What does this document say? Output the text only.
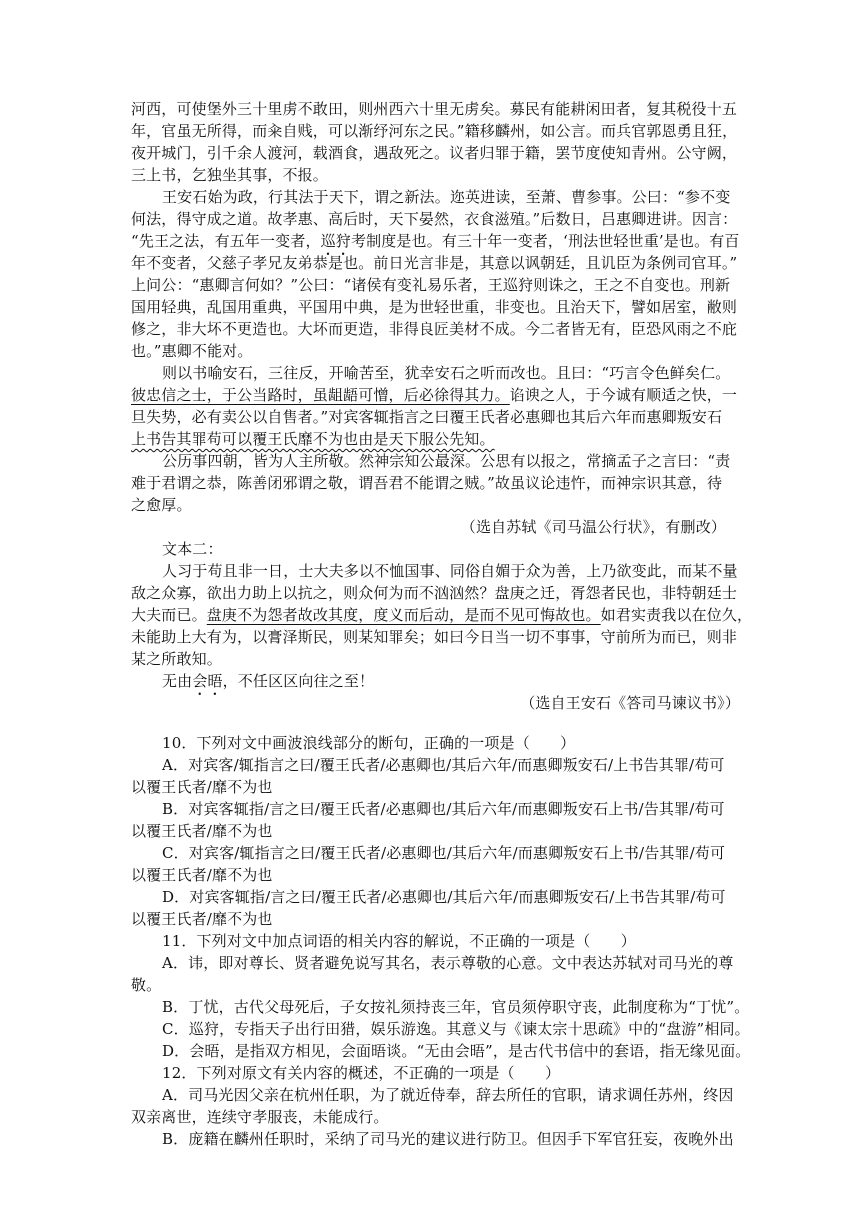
河西，可使堡外三十里虏不敢田，则州西六十里无虏矣。募民有能耕闲田者，复其税役十五
年，官虽无所得，而籴自贱，可以渐纾河东之民。”籍移麟州，如公言。而兵官郭恩勇且狂，
夜开城门，引千余人渡河，载酒食，遇敌死之。议者归罪于籍，罢节度使知青州。公守阙，
三上书，乞独坐其事，不报。
王安石始为政，行其法于天下，谓之新法。迩英进读，至萧、曹参事。公曰：“参不变
何法，得守成之道。故孝惠、高后时，天下晏然，衣食滋殖。”后数日，吕惠卿进讲。因言：
“先王之法，有五年一变者，巡狩考制度是也。有三十年一变者，‘刑法世轻世重’是也。有百
年不变者，父慈子孝兄友弟恭是也。前日光言非是，其意以讽朝廷，且讥臣为条例司官耳。”
上问公：“惠卿言何如？”公曰：“诸侯有变礼易乐者，王巡狩则诛之，王之不自变也。刑新
国用轻典，乱国用重典，平国用中典，是为世轻世重，非变也。且治天下，譬如居室，敝则
修之，非大坏不更造也。大坏而更造，非得良匠美材不成。今二者皆无有，臣恐风雨之不庇
也。”惠卿不能对。
则以书喻安石，三往反，开喻苦至，犹幸安石之听而改也。且曰：“巧言令色鲜矣仁。
彼忠信之士，于公当路时，虽龃龉可憎，后必徐得其力。谄谀之人，于今诚有顺适之快，一
旦失势，必有卖公以自售者。”对宾客辄指言之曰覆王氏者必惠卿也其后六年而惠卿叛安石
上书告其罪苟可以覆王氏靡不为也由是天下服公先知。
公历事四朝，皆为人主所敬。然神宗知公最深。公思有以报之，常摘孟子之言曰：“责
难于君谓之恭，陈善闭邪谓之敬，谓吾君不能谓之贼。”故虽议论违忤，而神宗识其意，待
之愈厚。
（选自苏轼《司马温公行状》，有删改）
文本二：
人习于苟且非一日，士大夫多以不恤国事、同俗自媚于众为善，上乃欲变此，而某不量
敌之众寡，欲出力助上以抗之，则众何为而不汹汹然？盘庚之迁，胥怨者民也，非特朝廷士
大夫而已。盘庚不为怨者故改其度，度义而后动，是而不见可悔故也。如君实责我以在位久，
未能助上大有为，以膏泽斯民，则某知罪矣；如曰今日当一切不事事，守前所为而已，则非
某之所敢知。
无由会晤，不任区区向往之至！
（选自王安石《答司马谏议书》）
10．下列对文中画波浪线部分的断句，正确的一项是（　　）
A．对宾客/辄指言之曰/覆王氏者/必惠卿也/其后六年/而惠卿叛安石/上书告其罪/苟可
以覆王氏者/靡不为也
B．对宾客辄指/言之曰/覆王氏者/必惠卿也/其后六年/而惠卿叛安石上书/告其罪/苟可
以覆王氏者/靡不为也
C．对宾客/辄指言之曰/覆王氏者/必惠卿也/其后六年/而惠卿叛安石上书/告其罪/苟可
以覆王氏者/靡不为也
D．对宾客辄指/言之曰/覆王氏者/必惠卿也/其后六年/而惠卿叛安石/上书告其罪/苟可
以覆王氏者/靡不为也
11．下列对文中加点词语的相关内容的解说，不正确的一项是（　　）
A．讳，即对尊长、贤者避免说写其名，表示尊敬的心意。文中表达苏轼对司马光的尊
敬。
B．丁忧，古代父母死后，子女按礼须持丧三年，官员须停职守丧，此制度称为“丁忧”。
C．巡狩，专指天子出行田猎，娱乐游逸。其意义与《谏太宗十思疏》中的“盘游”相同。
D．会晤，是指双方相见，会面晤谈。“无由会晤”，是古代书信中的套语，指无缘见面。
12．下列对原文有关内容的概述，不正确的一项是（　　）
A．司马光因父亲在杭州任职，为了就近侍奉，辞去所任的官职，请求调任苏州，终因
双亲离世，连续守孝服丧，未能成行。
B．庞籍在麟州任职时，采纳了司马光的建议进行防卫。但因手下军官狂妄，夜晚外出
